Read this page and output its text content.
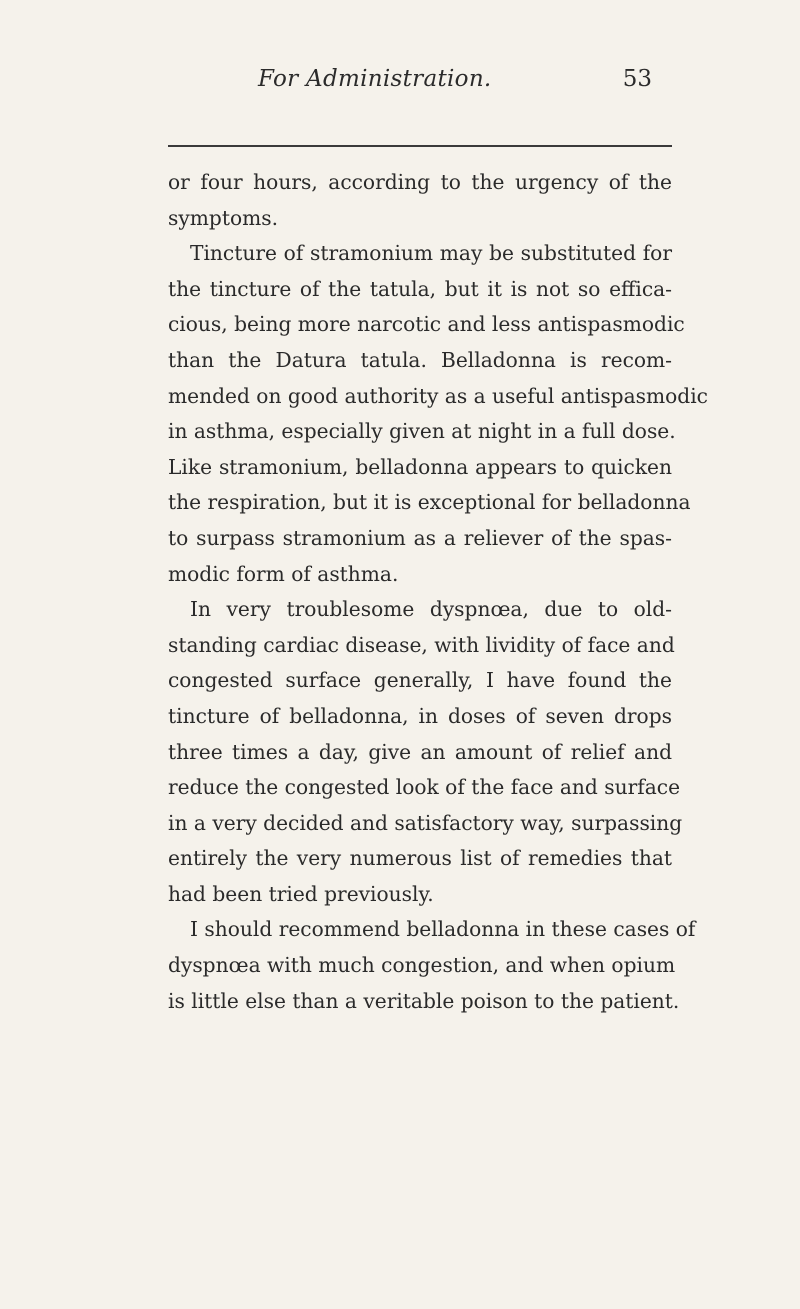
For Administration.	53
or four hours, according to the urgency of the
symptoms.
Tincture of stramonium may be substituted for
the tincture of the tatula, but it is not so effica-
cious, being more narcotic and less antispasmodic
than the Datura tatula. Belladonna is recom-
mended on good authority as a useful antispasmodic
in asthma, especially given at night in a full dose.
Like stramonium, belladonna appears to quicken
the respiration, but it is exceptional for belladonna
to surpass stramonium as a reliever of the spas-
modic form of asthma.
In very troublesome dyspnœa, due to old-
standing cardiac disease, with lividity of face and
congested surface generally, I have found the
tincture of belladonna, in doses of seven drops
three times a day, give an amount of relief and
reduce the congested look of the face and surface
in a very decided and satisfactory way, surpassing
entirely the very numerous list of remedies that
had been tried previously.
I should recommend belladonna in these cases of
dyspnœa with much congestion, and when opium
is little else than a veritable poison to the patient.
